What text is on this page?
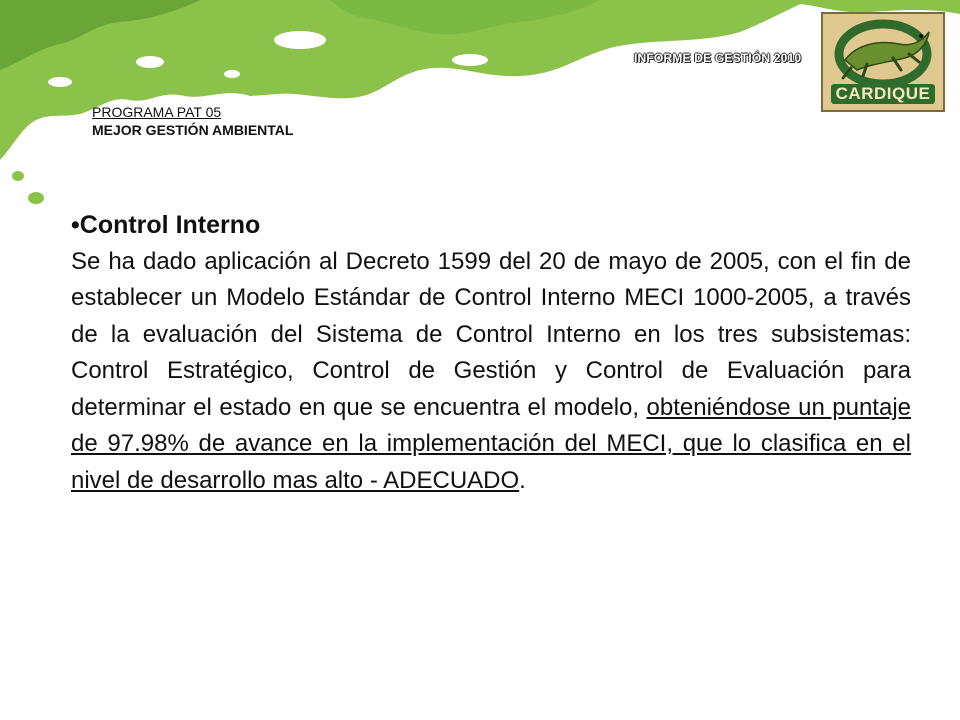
INFORME DE GESTIÓN 2010
CARDIQUE
PROGRAMA PAT 05
MEJOR GESTIÓN AMBIENTAL
•Control Interno
Se ha dado aplicación al Decreto 1599 del 20 de mayo de 2005, con el fin de establecer un Modelo Estándar de Control Interno MECI 1000-2005, a través de la evaluación del Sistema de Control Interno en los tres subsistemas: Control Estratégico, Control de Gestión y Control de Evaluación para determinar el estado en que se encuentra el modelo, obteniéndose un puntaje de 97.98% de avance en la implementación del MECI, que lo clasifica en el nivel de desarrollo mas alto - ADECUADO.
